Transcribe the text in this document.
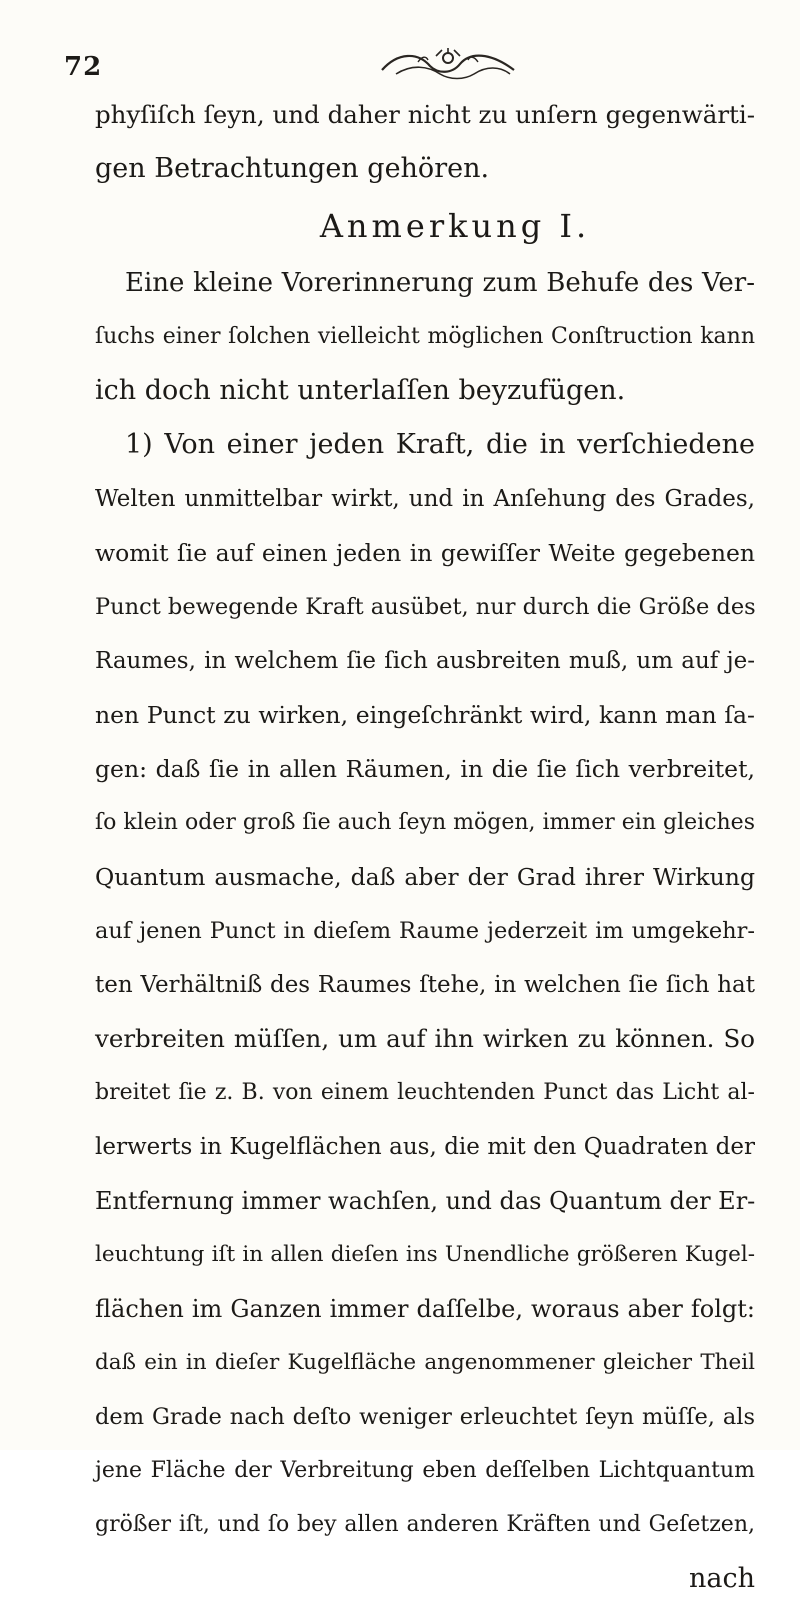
72
phyſiſch ſeyn, und daher nicht zu unſern gegenwärti-
gen Betrachtungen gehören.
Anmerkung I.
Eine kleine Vorerinnerung zum Behufe des Ver-
ſuchs einer ſolchen vielleicht möglichen Conſtruction kann
ich doch nicht unterlaſſen beyzufügen.
1) Von einer jeden Kraft, die in verſchiedene
Welten unmittelbar wirkt, und in Anſehung des Grades,
womit ſie auf einen jeden in gewiſſer Weite gegebenen
Punct bewegende Kraft ausübet, nur durch die Größe des
Raumes, in welchem ſie ſich ausbreiten muß, um auf je-
nen Punct zu wirken, eingeſchränkt wird, kann man ſa-
gen: daß ſie in allen Räumen, in die ſie ſich verbreitet,
ſo klein oder groß ſie auch ſeyn mögen, immer ein gleiches
Quantum ausmache, daß aber der Grad ihrer Wirkung
auf jenen Punct in dieſem Raume jederzeit im umgekehr-
ten Verhältniß des Raumes ſtehe, in welchen ſie ſich hat
verbreiten müſſen, um auf ihn wirken zu können. So
breitet ſie z. B. von einem leuchtenden Punct das Licht al-
lerwerts in Kugelflächen aus, die mit den Quadraten der
Entfernung immer wachſen, und das Quantum der Er-
leuchtung iſt in allen dieſen ins Unendliche größeren Kugel-
flächen im Ganzen immer daſſelbe, woraus aber folgt:
daß ein in dieſer Kugelfläche angenommener gleicher Theil
dem Grade nach deſto weniger erleuchtet ſeyn müſſe, als
jene Fläche der Verbreitung eben deſſelben Lichtquantum
größer iſt, und ſo bey allen anderen Kräften und Geſetzen,
nach
